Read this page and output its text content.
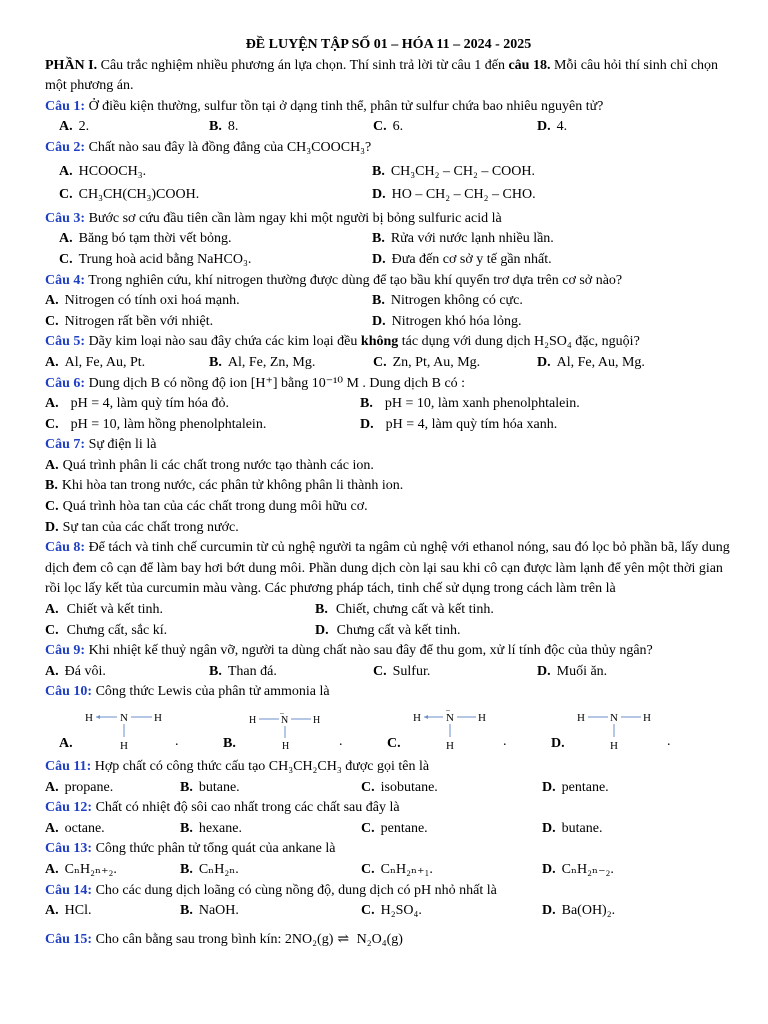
ĐỀ LUYỆN TẬP SỐ 01 – HÓA 11 – 2024 - 2025

PHẦN I. Câu trắc nghiệm nhiều phương án lựa chọn. Thí sinh trả lời từ câu 1 đến câu 18. Mỗi câu hỏi thí sinh chỉ chọn một phương án.

Câu 1: Ở điều kiện thường, sulfur tồn tại ở dạng tinh thể, phân tử sulfur chứa bao nhiêu nguyên tử?

A. 2.	B. 8.	C. 6.	D. 4.

Câu 2: Chất nào sau đây là đồng đẳng của CH₃COOCH₃?

A. HCOOCH₃.	B. CH₃CH₂ – CH₂ – COOH.
C. CH₃CH(CH₃)COOH.	D. HO – CH₂ – CH₂ – CHO.

Câu 3: Bước sơ cứu đầu tiên cần làm ngay khi một người bị bỏng sulfuric acid là

A. Băng bó tạm thời vết bỏng.	B. Rửa với nước lạnh nhiều lần.
C. Trung hoà acid bằng NaHCO₃.	D. Đưa đến cơ sở y tế gần nhất.

Câu 4: Trong nghiên cứu, khí nitrogen thường được dùng để tạo bầu khí quyển trơ dựa trên cơ sở nào?

A. Nitrogen có tính oxi hoá mạnh.	B. Nitrogen không có cực.
C. Nitrogen rất bền với nhiệt.	D. Nitrogen khó hóa lỏng.

Câu 5: Dãy kim loại nào sau đây chứa các kim loại đều không tác dụng với dung dịch H₂SO₄ đặc, nguội?

A. Al, Fe, Au, Pt.	B. Al, Fe, Zn, Mg.	C. Zn, Pt, Au, Mg.	D. Al, Fe, Au, Mg.

Câu 6: Dung dịch B có nồng độ ion [H⁺] bằng 10⁻¹⁰ M . Dung dịch B có :

A. pH = 4, làm quỳ tím hóa đỏ.	B. pH = 10, làm xanh phenolphtalein.
C. pH = 10, làm hồng phenolphtalein.	D. pH = 4, làm quỳ tím hóa xanh.

Câu 7: Sự điện li là

A. Quá trình phân li các chất trong nước tạo thành các ion.

B. Khi hòa tan trong nước, các phân tử không phân li thành ion.

C. Quá trình hòa tan của các chất trong dung môi hữu cơ.

D. Sự tan của các chất trong nước.

Câu 8: Để tách và tinh chế curcumin từ củ nghệ người ta ngâm củ nghệ với ethanol nóng, sau đó lọc bỏ phần bã, lấy dung dịch đem cô cạn để làm bay hơi bớt dung môi. Phần dung dịch còn lại sau khi cô cạn được làm lạnh để yên một thời gian rồi lọc lấy kết tủa curcumin màu vàng. Các phương pháp tách, tinh chế sử dụng trong cách làm trên là

A. Chiết và kết tinh.	B. Chiết, chưng cất và kết tinh.
C. Chưng cất, sắc kí.	D. Chưng cất và kết tinh.

Câu 9: Khi nhiệt kế thuỷ ngân vỡ, người ta dùng chất nào sau đây để thu gom, xử lí tính độc của thủy ngân?

A. Đá vôi.	B. Than đá.	C. Sulfur.	D. Muối ăn.

Câu 10: Công thức Lewis của phân tử ammonia là

A.
H N H
H	.	B.
H
..
N H
H	.	C.
H
..
N H
H	.	D.
H N H
H	.

Câu 11: Hợp chất có công thức cấu tạo CH₃CH₂CH₃ được gọi tên là

A. propane.	B. butane.	C. isobutane.	D. pentane.

Câu 12: Chất có nhiệt độ sôi cao nhất trong các chất sau đây là

A. octane.	B. hexane.	C. pentane.	D. butane.

Câu 13: Công thức phân tử tổng quát của ankane là

A. CₙH₂ₙ₊₂.	B. CₙH₂ₙ.	C. CₙH₂ₙ₊₁.	D. CₙH₂ₙ₋₂.

Câu 14: Cho các dung dịch loãng có cùng nồng độ, dung dịch có pH nhỏ nhất là

A. HCl.	B. NaOH.	C. H₂SO₄.	D. Ba(OH)₂.

Câu 15: Cho cân bằng sau trong bình kín: 2NO₂(g) ⇌ N₂O₄(g)
